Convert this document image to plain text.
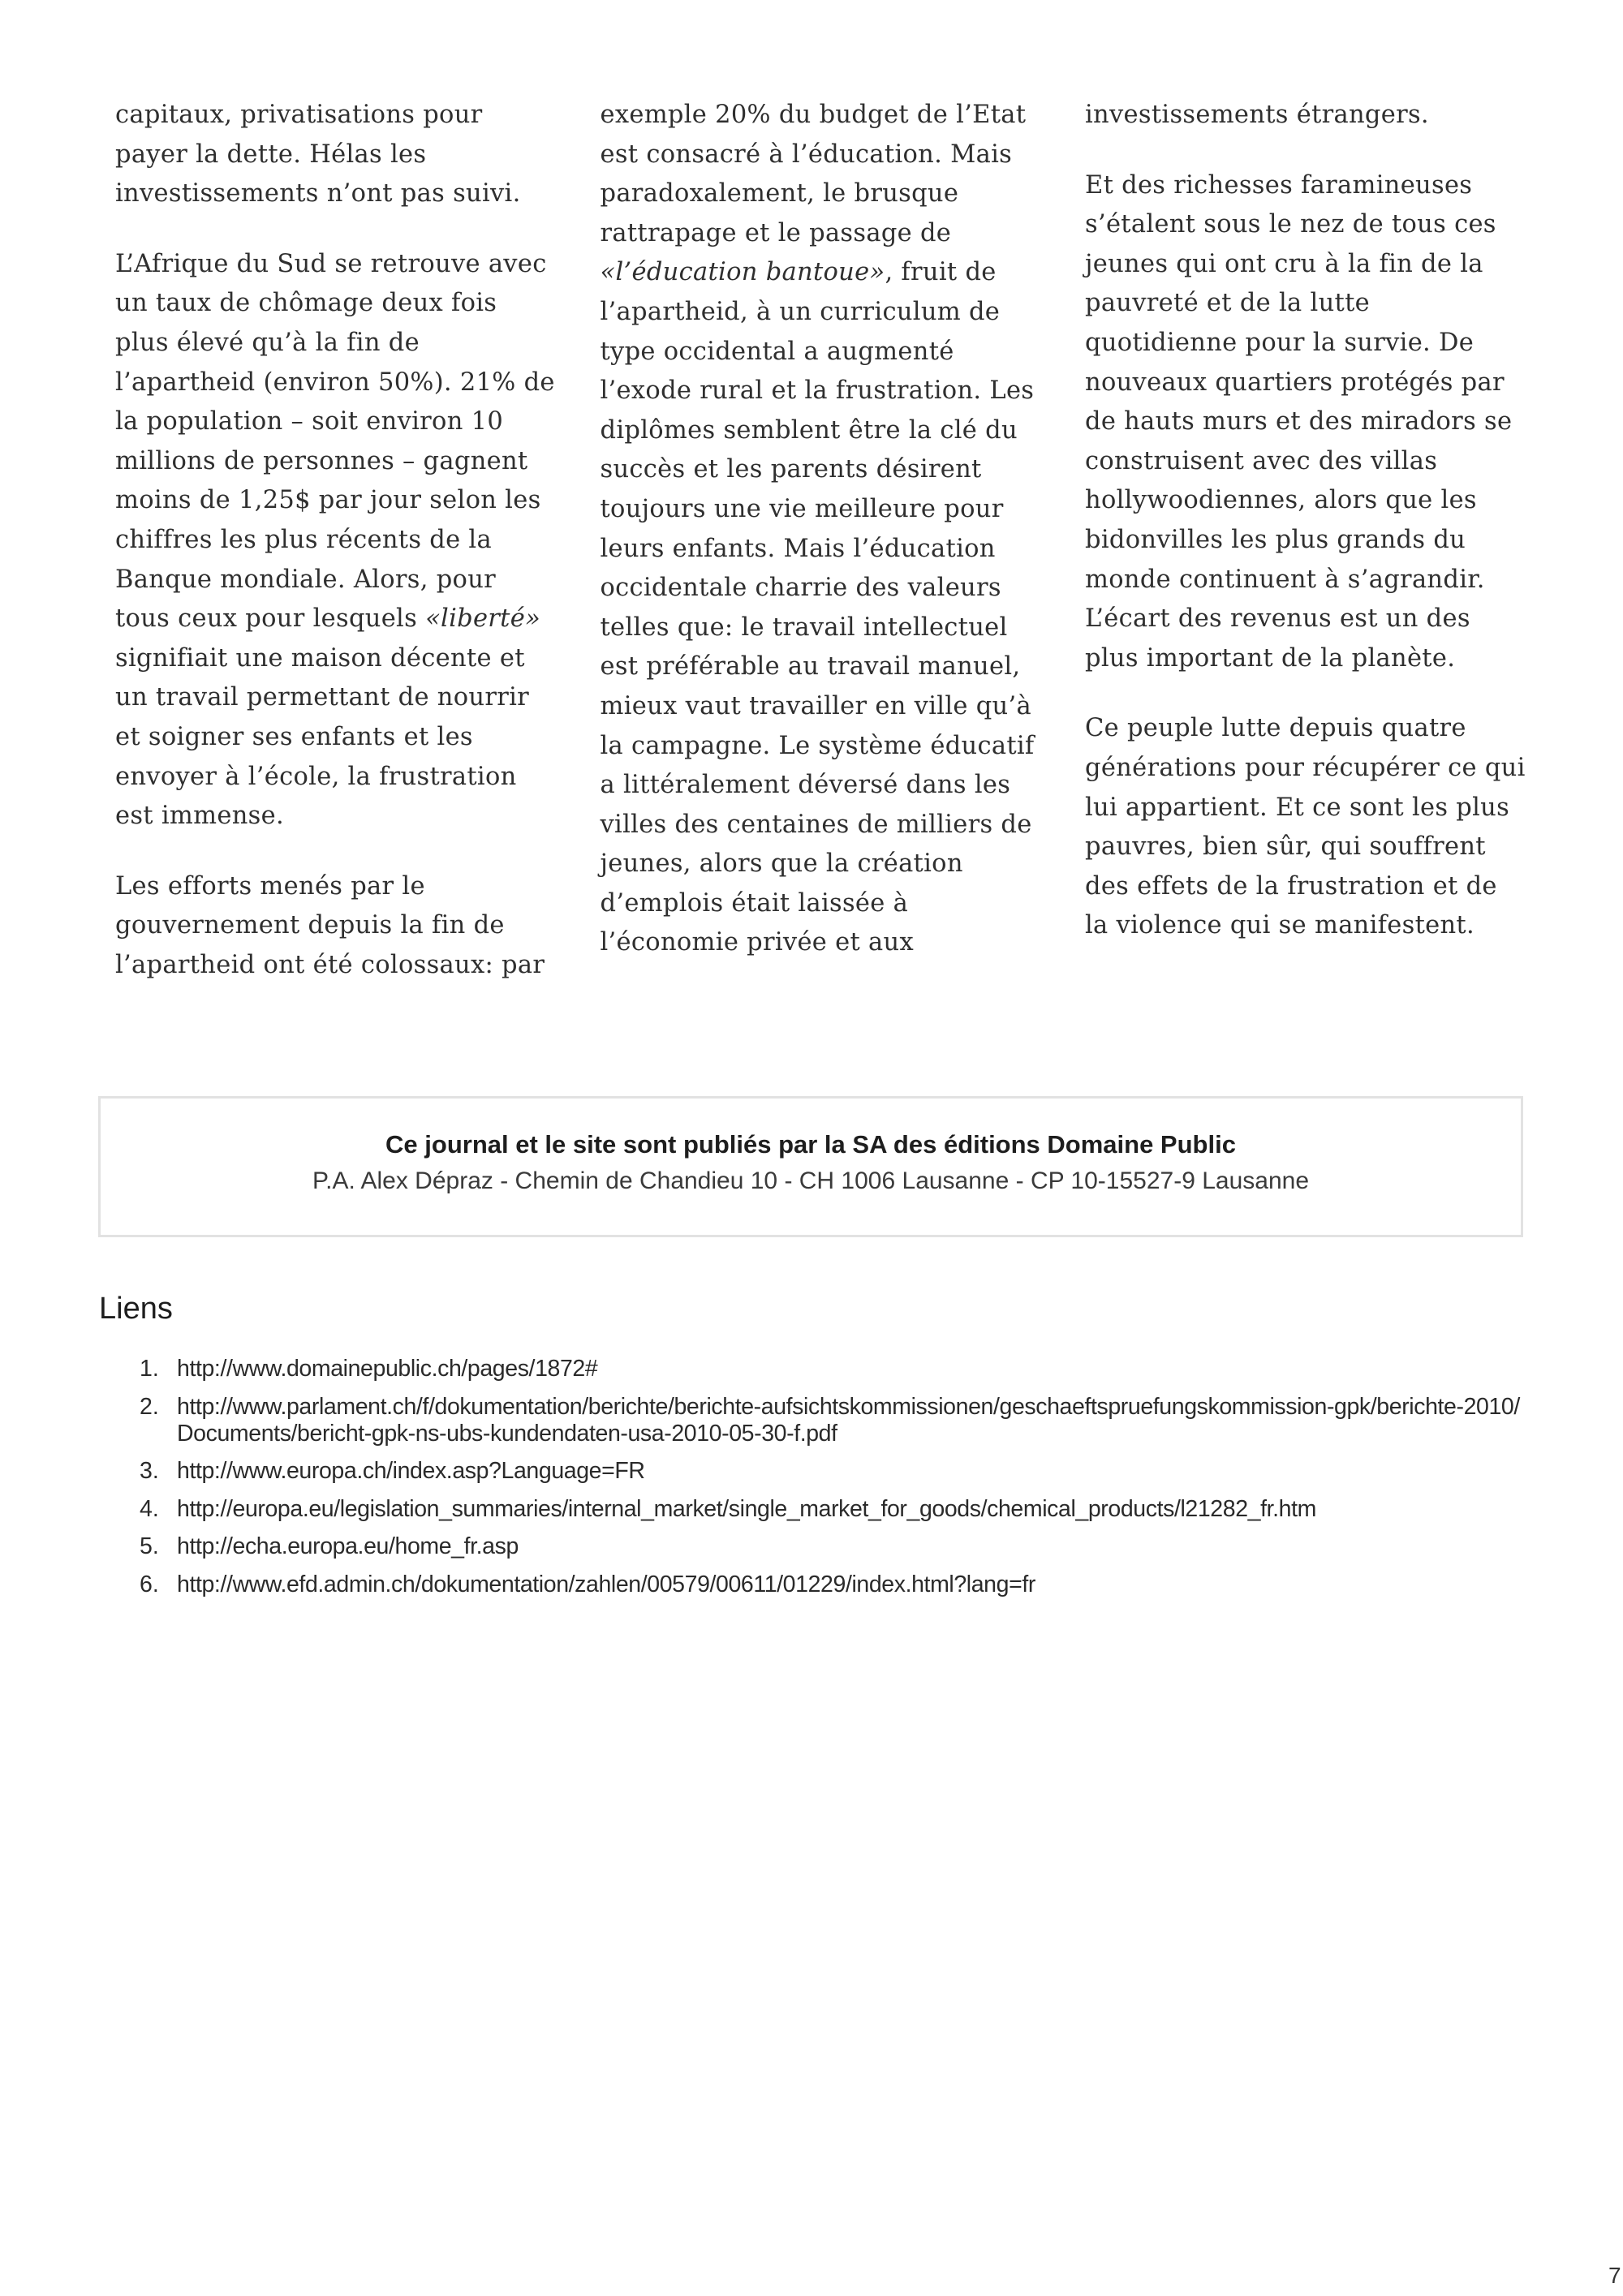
capitaux, privatisations pour payer la dette. Hélas les investissements n’ont pas suivi.

L’Afrique du Sud se retrouve avec un taux de chômage deux fois plus élevé qu’à la fin de l’apartheid (environ 50%). 21% de la population – soit environ 10 millions de personnes – gagnent moins de 1,25$ par jour selon les chiffres les plus récents de la Banque mondiale. Alors, pour tous ceux pour lesquels «liberté» signifiait une maison décente et un travail permettant de nourrir et soigner ses enfants et les envoyer à l’école, la frustration est immense.

Les efforts menés par le gouvernement depuis la fin de l’apartheid ont été colossaux: par

exemple 20% du budget de l’Etat est consacré à l’éducation. Mais paradoxalement, le brusque rattrapage et le passage de «l’éducation bantoue», fruit de l’apartheid, à un curriculum de type occidental a augmenté l’exode rural et la frustration. Les diplômes semblent être la clé du succès et les parents désirent toujours une vie meilleure pour leurs enfants. Mais l’éducation occidentale charrie des valeurs telles que: le travail intellectuel est préférable au travail manuel, mieux vaut travailler en ville qu’à la campagne. Le système éducatif a littéralement déversé dans les villes des centaines de milliers de jeunes, alors que la création d’emplois était laissée à l’économie privée et aux

investissements étrangers.

Et des richesses faramineuses s’étalent sous le nez de tous ces jeunes qui ont cru à la fin de la pauvreté et de la lutte quotidienne pour la survie. De nouveaux quartiers protégés par de hauts murs et des miradors se construisent avec des villas hollywoodiennes, alors que les bidonvilles les plus grands du monde continuent à s’agrandir. L’écart des revenus est un des plus important de la planète.

Ce peuple lutte depuis quatre générations pour récupérer ce qui lui appartient. Et ce sont les plus pauvres, bien sûr, qui souffrent des effets de la frustration et de la violence qui se manifestent.

Ce journal et le site sont publiés par la SA des éditions Domaine Public
P.A. Alex Dépraz - Chemin de Chandieu 10 - CH 1006 Lausanne - CP 10-15527-9 Lausanne
Liens
1. http://www.domainepublic.ch/pages/1872#
2. http://www.parlament.ch/f/dokumentation/berichte/berichte-aufsichtskommissionen/geschaeftspruefungskommission-gpk/berichte-2010/Documents/bericht-gpk-ns-ubs-kundendaten-usa-2010-05-30-f.pdf
3. http://www.europa.ch/index.asp?Language=FR
4. http://europa.eu/legislation_summaries/internal_market/single_market_for_goods/chemical_products/l21282_fr.htm
5. http://echa.europa.eu/home_fr.asp
6. http://www.efd.admin.ch/dokumentation/zahlen/00579/00611/01229/index.html?lang=fr
7
